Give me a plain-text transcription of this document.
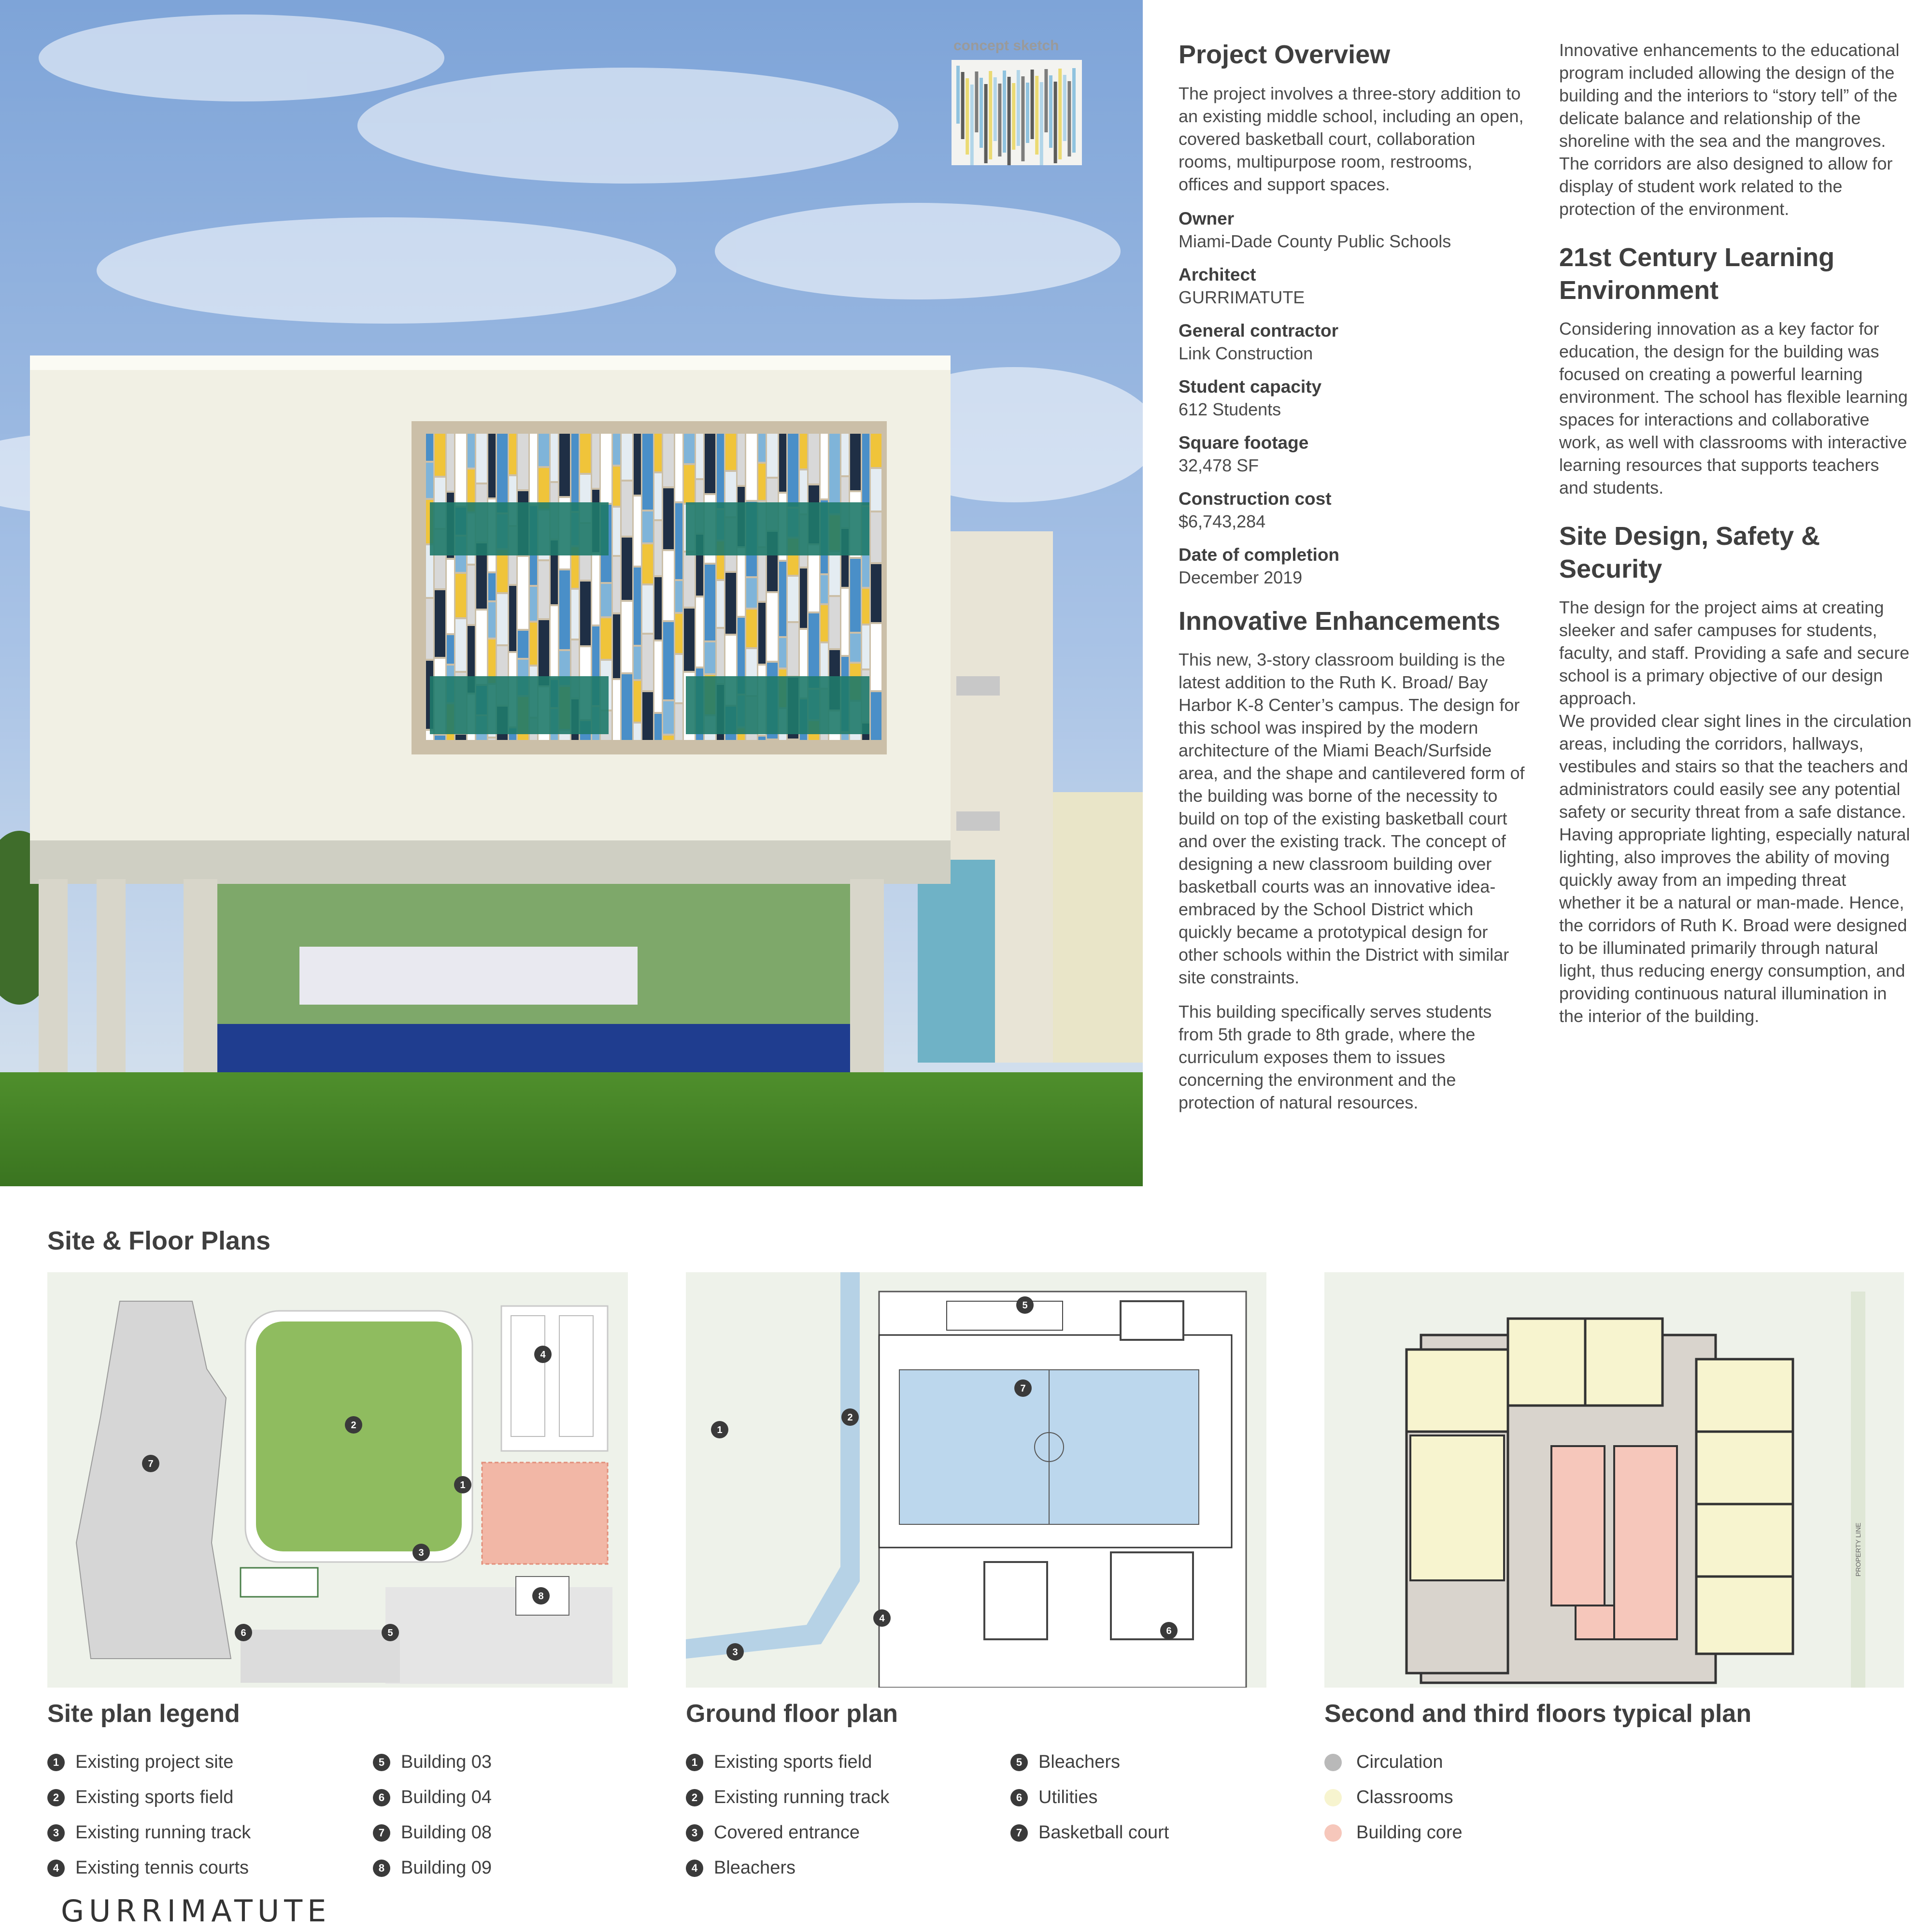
concept sketch	Project Overview

The project involves a three-story addition to an existing middle school, including an open, covered basketball court, collaboration rooms, multipurpose room, restrooms, offices and support spaces.

Owner
Miami-Dade County Public Schools
Architect
GURRIMATUTE
General contractor
Link Construction
Student capacity
612 Students
Square footage
32,478 SF
Construction cost
$6,743,284
Date of completion
December 2019
Innovative Enhancements

This new, 3-story classroom building is the latest addition to the Ruth K. Broad/ Bay Harbor K-8 Center’s campus. The design for this school was inspired by the modern architecture of the Miami Beach/Surfside area, and the shape and cantilevered form of the building was borne of the necessity to build on top of the existing basketball court and over the existing track. The concept of designing a new classroom building over basketball courts was an innovative idea- embraced by the School District which quickly became a prototypical design for other schools within the District with similar site constraints.

This building specifically serves students from 5th grade to 8th grade, where the curriculum exposes them to issues concerning the environment and the protection of natural resources.

Innovative enhancements to the educational program included allowing the design of the building and the interiors to “story tell” of the delicate balance and relationship of the shoreline with the sea and the mangroves. The corridors are also designed to allow for display of student work related to the protection of the environment.

21st Century Learning Environment

Considering innovation as a key factor for education, the design for the building was focused on creating a powerful learning environment. The school has flexible learning spaces for interactions and collaborative work, as well with classrooms with interactive learning resources that supports teachers and students.

Site Design, Safety & Security

The design for the project aims at creating sleeker and safer campuses for students, faculty, and staff. Providing a safe and secure school is a primary objective of our design approach.

We provided clear sight lines in the circulation areas, including the corridors, hallways, vestibules and stairs so that the teachers and administrators could easily see any potential safety or security threat from a safe distance. Having appropriate lighting, especially natural lighting, also improves the ability of moving quickly away from an impeding threat whether it be a natural or man-made. Hence, the corridors of Ruth K. Broad were designed to be illuminated primarily through natural light, thus reducing energy consumption, and providing continuous natural illumination in the interior of the building.

Site & Floor Plans
1
2
3
4
5
6
7
8
1
2
3
4
5
6
7
PROPERTY LINE
Site plan legend
1 Existing project site
2 Existing sports field
3 Existing running track
4 Existing tennis courts
5 Building 03
6 Building 04
7 Building 08
8 Building 09
Ground floor plan
1 Existing sports field
2 Existing running track
3 Covered entrance
4 Bleachers
5 Bleachers
6 Utilities
7 Basketball court
Second and third floors typical plan
Circulation
Classrooms
Building core
GURRIMATUTE
